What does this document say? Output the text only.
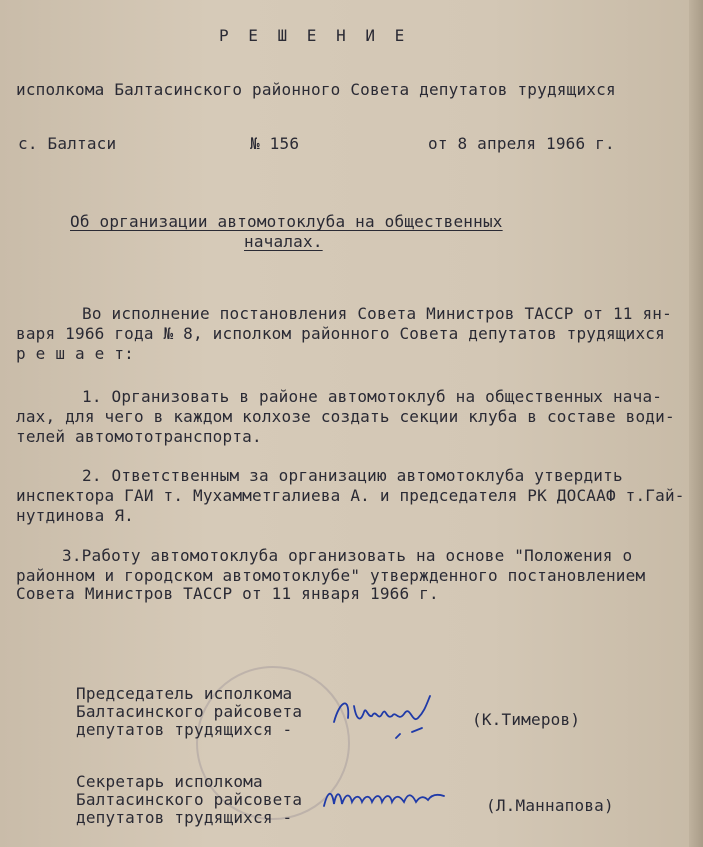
Р Е Ш Е Н И Е
исполкома Балтасинского районного Совета депутатов трудящихся
с. Балтаси	№ 156	от 8 апреля 1966 г.
Об организации автомотоклуба на общественных
началах.
Во исполнение постановления Совета Министров ТАССР от 11 ян-
варя 1966 года № 8, исполком районного Совета депутатов трудящихся
р е ш а е т:
1. Организовать в районе автомотоклуб на общественных нача-
лах, для чего в каждом колхозе создать секции клуба в составе води-
телей автомототранспорта.
2. Ответственным за организацию автомотоклуба утвердить
инспектора ГАИ т. Мухамметгалиева А. и председателя РК ДОСААФ т.Гай-
нутдинова Я.
3.Работу автомотоклуба организовать на основе "Положения о
районном и городском автомотоклубе" утвержденного постановлением
Совета Министров ТАССР от 11 января 1966 г.
Председатель исполкома
Балтасинского райсовета
депутатов трудящихся -
(К.Тимеров)
Секретарь исполкома
Балтасинского райсовета
депутатов трудящихся -
(Л.Маннапова)
